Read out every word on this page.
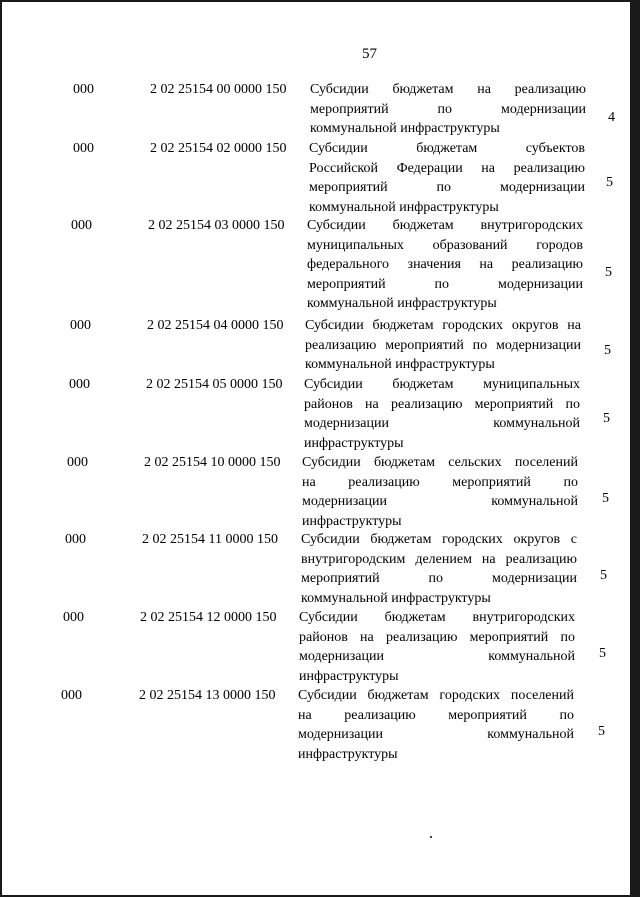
57
000	2 02 25154 00 0000 150 Субсидии бюджетам на реализацию
мероприятий по модернизации
коммунальной инфраструктуры
4
000	2 02 25154 02 0000 150 Субсидии бюджетам субъектов
Российской Федерации на реализацию
мероприятий по модернизации
коммунальной инфраструктуры
5
000	2 02 25154 03 0000 150 Субсидии бюджетам внутригородских
муниципальных образований городов
федерального значения на реализацию
мероприятий по модернизации
коммунальной инфраструктуры
5
000	2 02 25154 04 0000 150 Субсидии бюджетам городских округов на
реализацию мероприятий по модернизации
коммунальной инфраструктуры
5
000	2 02 25154 05 0000 150 Субсидии бюджетам муниципальных
районов на реализацию мероприятий по
модернизации коммунальной
инфраструктуры
5
000	2 02 25154 10 0000 150 Субсидии бюджетам сельских поселений
на реализацию мероприятий по
модернизации коммунальной
инфраструктуры
5
000	2 02 25154 11 0000 150 Субсидии бюджетам городских округов с
внутригородским делением на реализацию
мероприятий по модернизации
коммунальной инфраструктуры
5
000	2 02 25154 12 0000 150 Субсидии бюджетам внутригородских
районов на реализацию мероприятий по
модернизации коммунальной
инфраструктуры
5
000	2 02 25154 13 0000 150 Субсидии бюджетам городских поселений
на реализацию мероприятий по
модернизации коммунальной
инфраструктуры
5
